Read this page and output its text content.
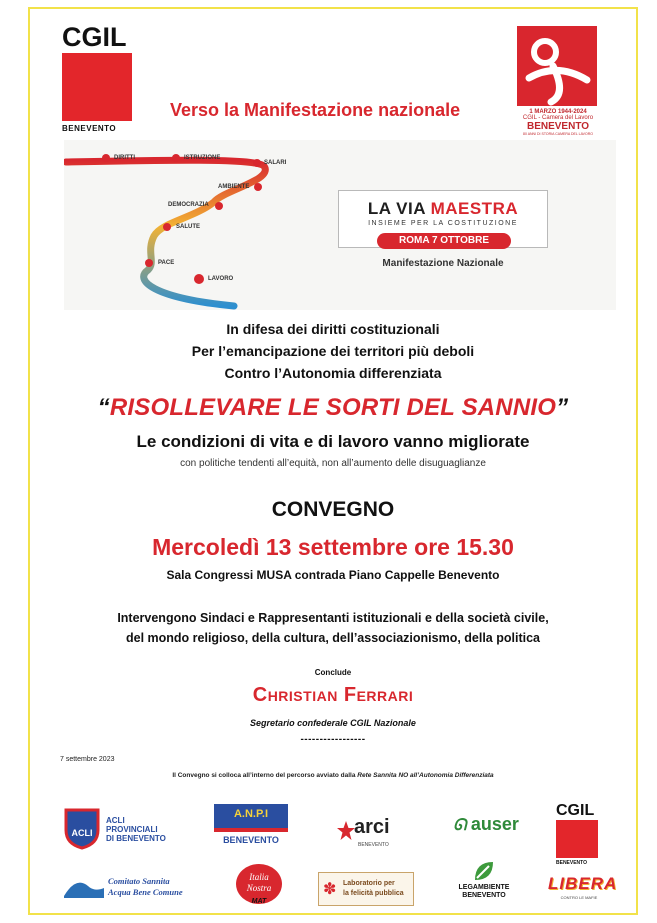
CGIL
BENEVENTO
Verso la Manifestazione nazionale	1 MARZO 1944-2024
CGIL - Camera del Lavoro
BENEVENTO
80 ANNI DI STORIA CAMERA DEL LAVORO
DIRITTI	ISTRUZIONE
SALARI
AMBIENTE
DEMOCRAZIA
SALUTE
PACE
LAVORO
LA VIA MAESTRA
INSIEME PER LA COSTITUZIONE
ROMA 7 OTTOBRE
Manifestazione Nazionale
In difesa dei diritti costituzionali
Per l’emancipazione dei territori più deboli
Contro l’Autonomia differenziata
“RISOLLEVARE LE SORTI DEL SANNIO”
Le condizioni di vita e di lavoro vanno migliorate
con politiche tendenti all’equità, non all’aumento delle disuguaglianze
CONVEGNO
Mercoledì 13 settembre ore 15.30
Sala Congressi MUSA contrada Piano Cappelle Benevento
Intervengono Sindaci e Rappresentanti istituzionali e della società civile,
del mondo religioso, della cultura, dell’associazionismo, della politica
Conclude
Christian Ferrari
Segretario confederale CGIL Nazionale
-----------------
7 settembre 2023
Il Convegno si colloca all’interno del percorso avviato dalla Rete Sannita NO all’Autonomia Differenziata
ACLI
ACLI
PROVINCIALI
DI BENEVENTO
A.N.P.I
BENEVENTO
arci
BENEVENTO
ᘏ auser
CGIL
BENEVENTO
Comitato Sannita
Acqua Bene Comune
Italia
Nostra
MAT
✽ Laboratorio per
la felicità pubblica
LEGAMBIENTE
BENEVENTO
LIBERA
CONTRO LE MAFIE
